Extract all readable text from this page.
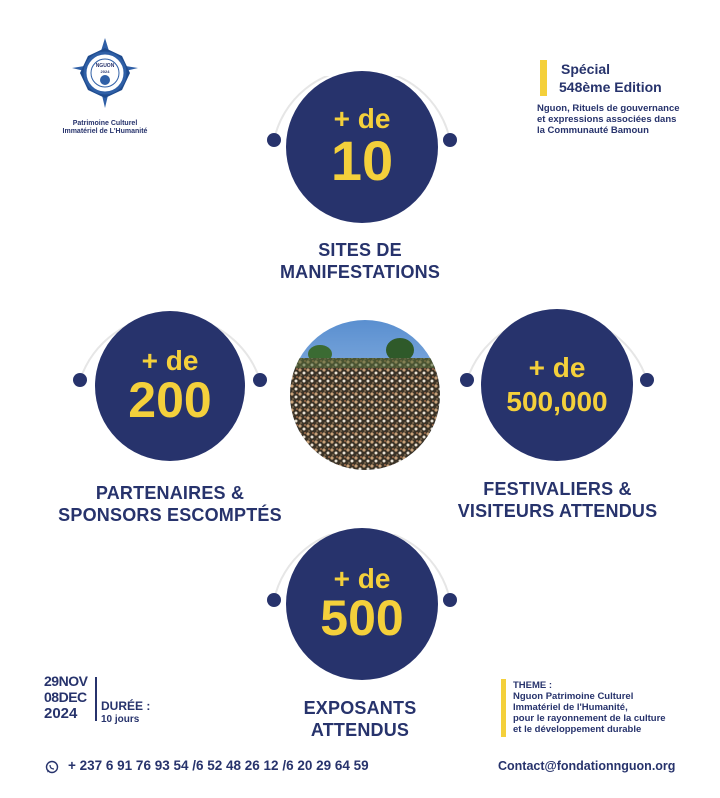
NGUON
2024
Patrimoine Culturel
Immatériel de L'Humanité
Spécial
548ème Edition
Nguon, Rituels de gouvernance
et expressions associées dans
la Communauté Bamoun
+ de
10
SITES DE
MANIFESTATIONS
+ de
200
PARTENAIRES &
SPONSORS ESCOMPTÉS
+ de
500,000
FESTIVALIERS &
VISITEURS ATTENDUS
+ de
500
EXPOSANTS
ATTENDUS
29NOV
08DEC
2024	DURÉE :
10 jours
THEME :
Nguon Patrimoine Culturel
Immatériel de l'Humanité,
pour le rayonnement de la culture
et le développement durable
+ 237 6 91 76 93 54 /6 52 48 26 12 /6 20 29 64 59	Contact@fondationnguon.org
